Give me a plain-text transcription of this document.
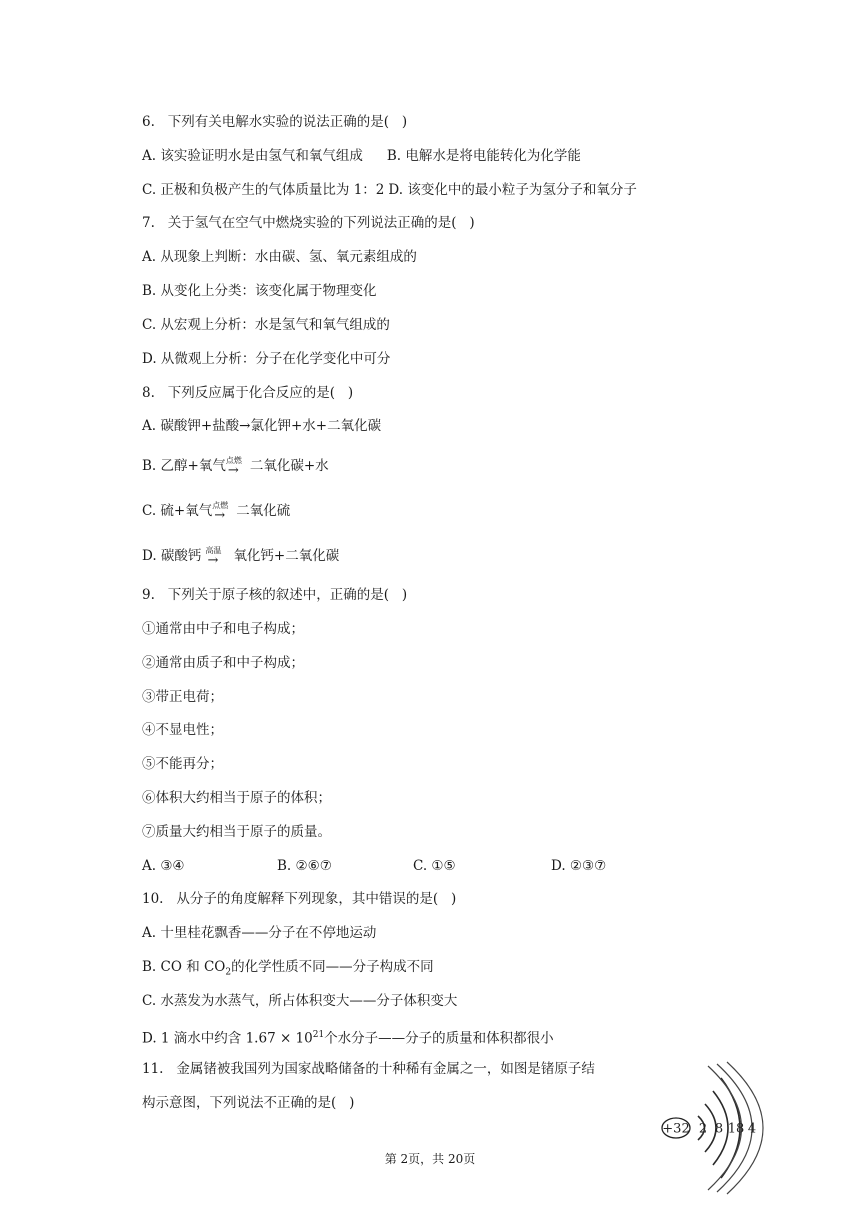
6.   下列有关电解水实验的说法正确的是(   )
A. 该实验证明水是由氢气和氧气组成 B. 电解水是将电能转化为化学能
C. 正极和负极产生的气体质量比为 1：2 D. 该变化中的最小粒子为氢分子和氧分子
7.   关于氢气在空气中燃烧实验的下列说法正确的是(   )
A. 从现象上判断：水由碳、氢、氧元素组成的
B. 从变化上分类：该变化属于物理变化
C. 从宏观上分析：水是氢气和氧气组成的
D. 从微观上分析：分子在化学变化中可分
8.   下列反应属于化合反应的是(   )
A. 碳酸钾+盐酸→氯化钾+水+二氧化碳
B. 乙醇+氧气 点燃
→ 二氧化碳+水
C. 硫+氧气 点燃
→ 二氧化硫
D. 碳酸钙 高温
→ 氧化钙+二氧化碳
9.   下列关于原子核的叙述中，正确的是(   )
①通常由中子和电子构成；
②通常由质子和中子构成；
③带正电荷；
④不显电性；
⑤不能再分；
⑥体积大约相当于原子的体积；
⑦质量大约相当于原子的质量。
A. ③④	B. ②⑥⑦	C. ①⑤	D. ②③⑦
10.   从分子的角度解释下列现象，其中错误的是(   )
A. 十里桂花飘香——分子在不停地运动
B. CO 和 $CO_2$的化学性质不同——分子构成不同
C. 水蒸发为水蒸气，所占体积变大——分子体积变大
D. 1 滴水中约含 $1.67 \times 10^{21}$个水分子——分子的质量和体积都很小
11.   金属锗被我国列为国家战略储备的十种稀有金属之一，如图是锗原子结
构示意图，下列说法不正确的是(   )
+32 2 8 18 4
第 2页，共 20页
